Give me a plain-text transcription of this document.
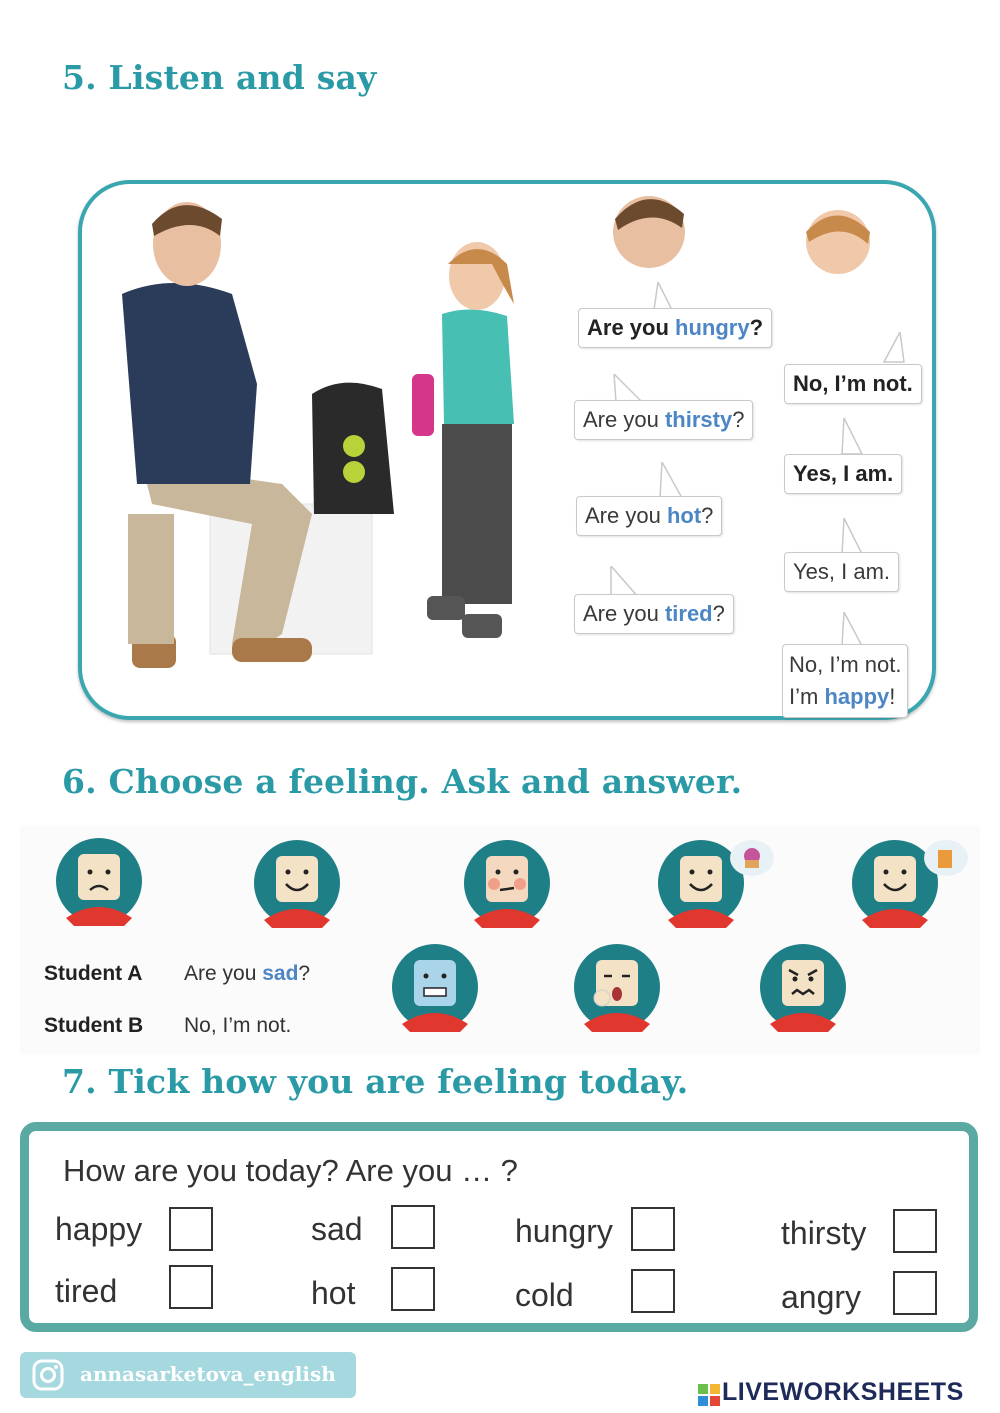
5. Listen and say
Are you hungry?
No, I’m not.
Are you thirsty?
Yes, I am.
Are you hot?
Yes, I am.
Are you tired?
No, I’m not.
I’m happy!
6. Choose a feeling. Ask and answer.
Student A Are you sad?
Student B No, I’m not.
7. Tick how you are feeling today.
How are you today? Are you … ?
happy	sad	hungry	thirsty
tired	hot	cold	angry
annasarketova_english
LIVEWORKSHEETS
